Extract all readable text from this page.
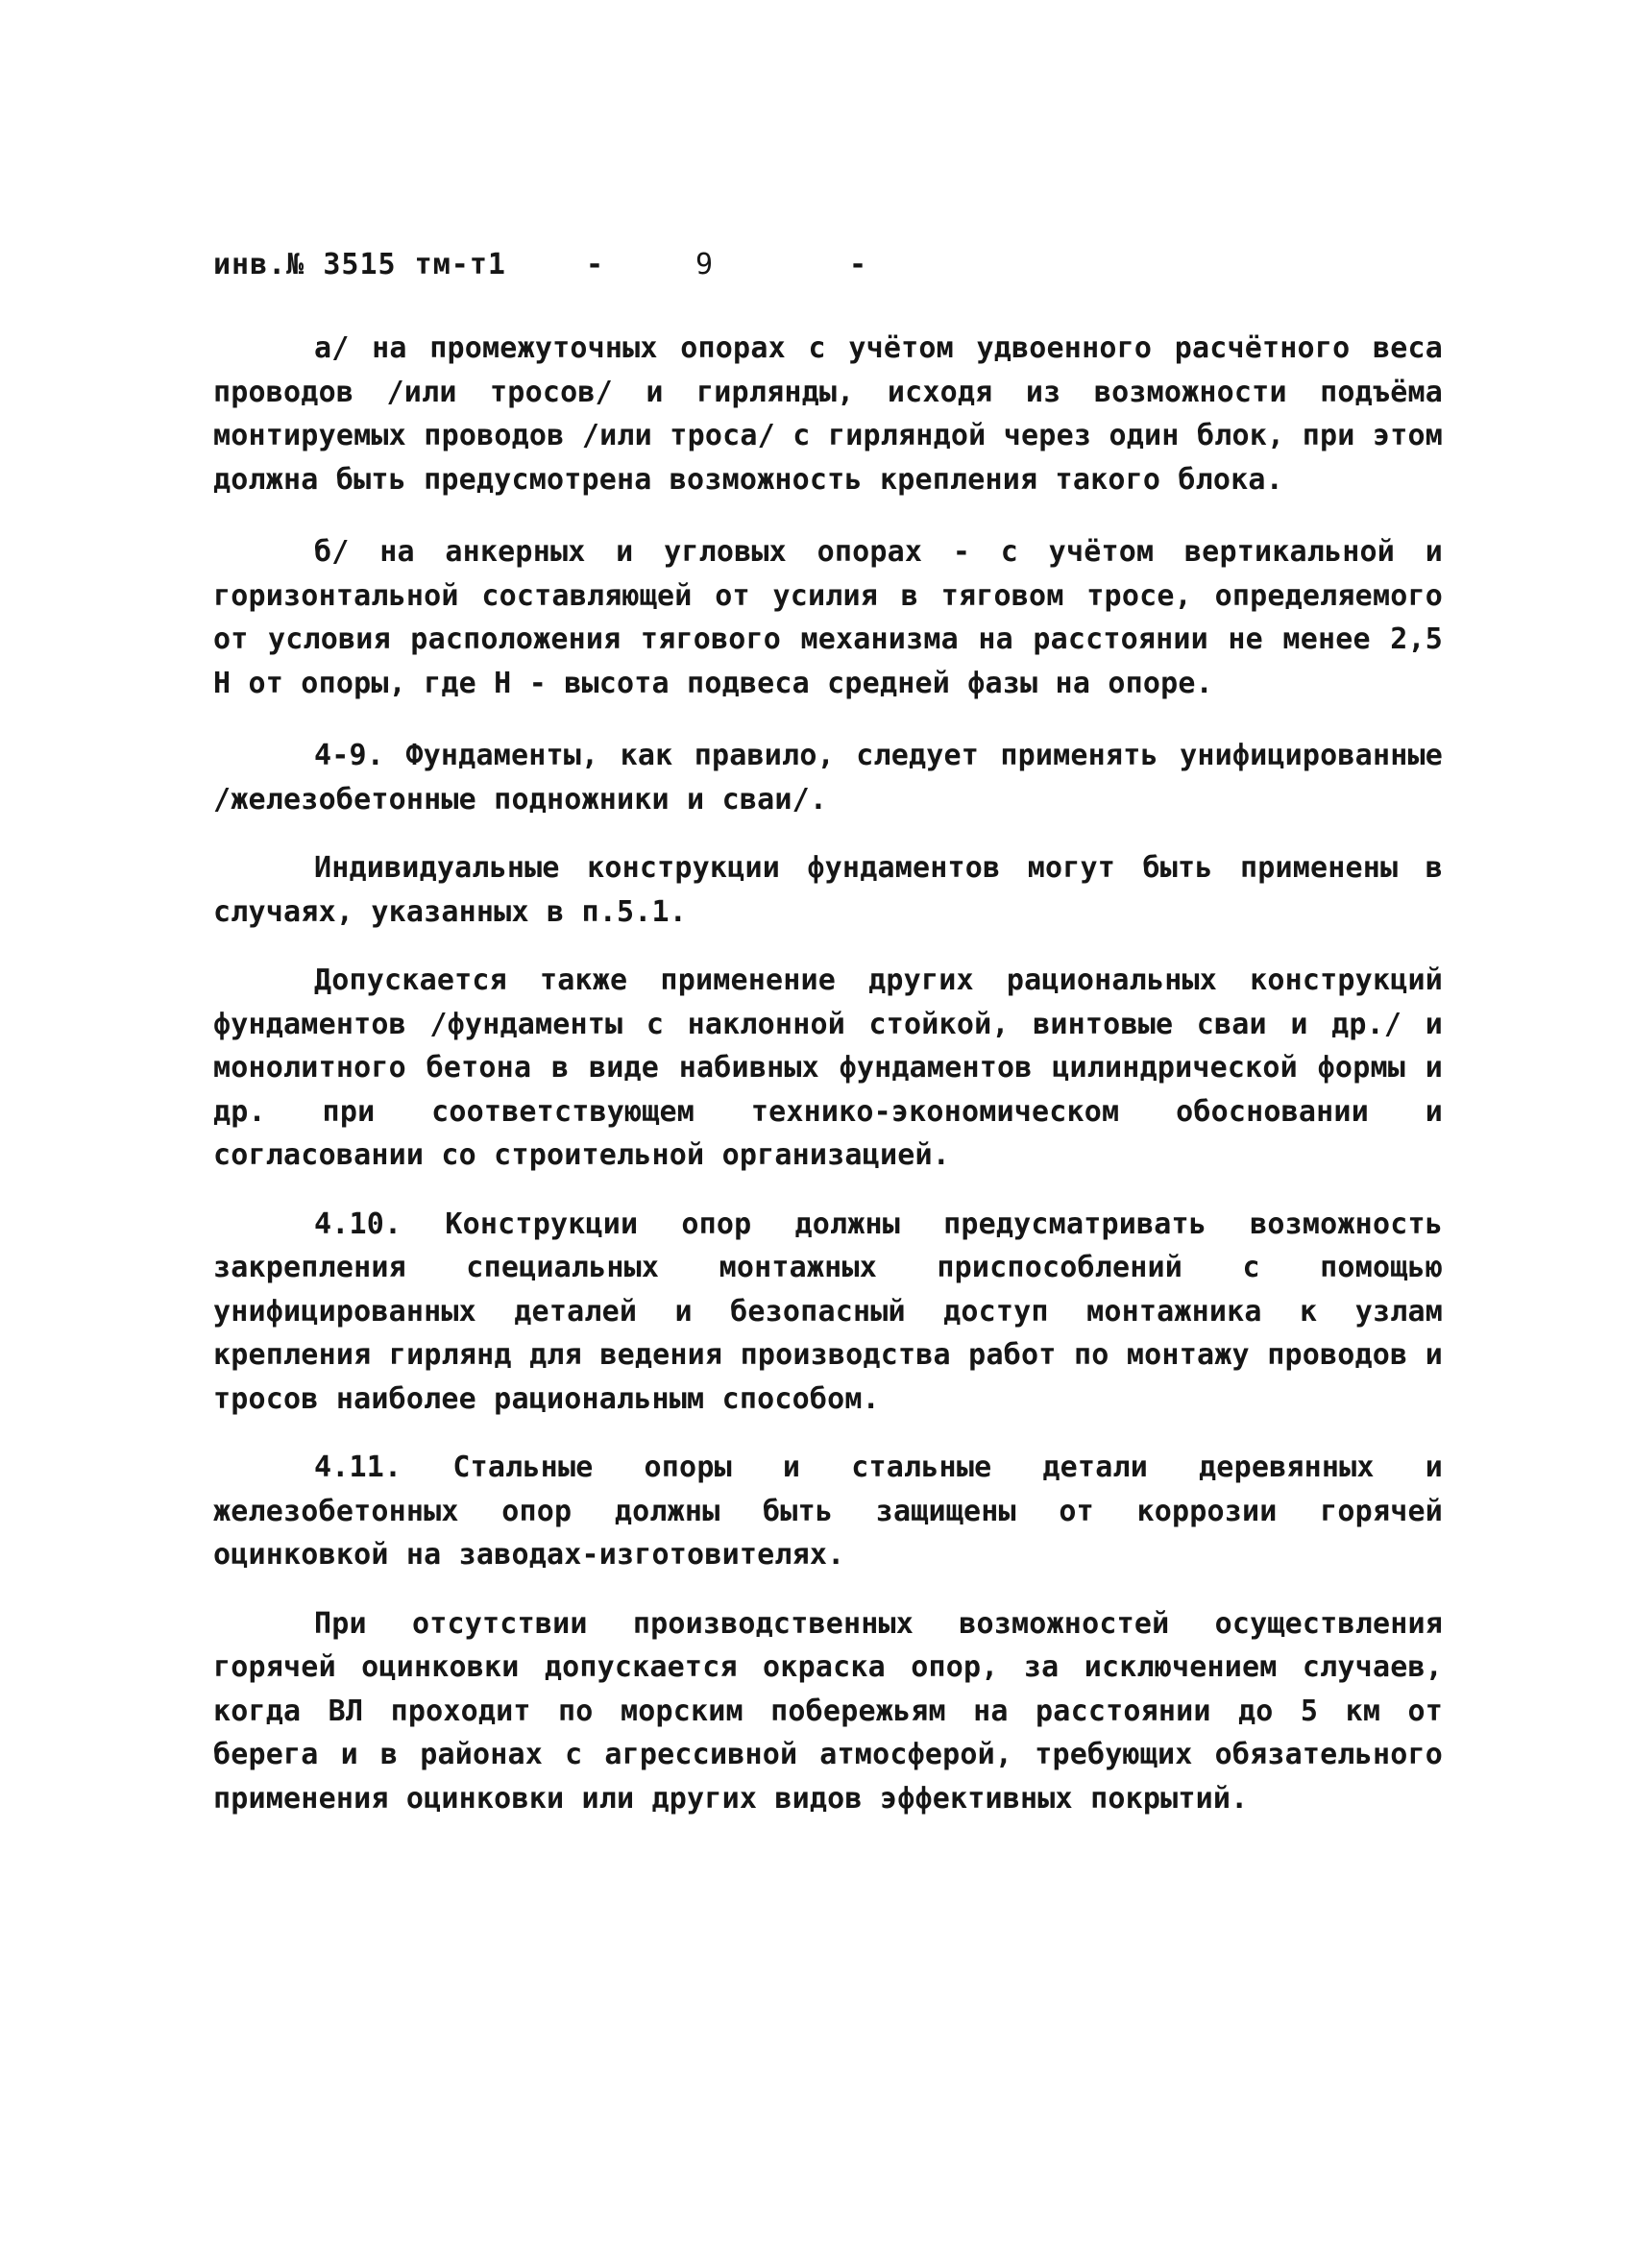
инв.№ 3515 тм-т1	-	9	-

а/ на промежуточных опорах с учётом удвоенного расчётного веса проводов /или тросов/ и гирлянды, исходя из возможности подъёма монтируемых проводов /или троса/ с гирляндой через один блок, при этом должна быть предусмотрена возможность крепления такого блока.

б/ на анкерных и угловых опорах - с учётом вертикальной и горизонтальной составляющей от усилия в тяговом тросе, определяемого от условия расположения тягового механизма на расстоянии не менее 2,5 Н от опоры, где Н - высота подвеса средней фазы на опоре.

4-9. Фундаменты, как правило, следует применять унифицированные /железобетонные подножники и сваи/.

Индивидуальные конструкции фундаментов могут быть применены в случаях, указанных в п.5.1.

Допускается также применение других рациональных конструкций фундаментов /фундаменты с наклонной стойкой, винтовые сваи и др./ и монолитного бетона в виде набивных фундаментов цилиндрической формы и др. при соответствующем технико-экономическом обосновании и согласовании со строительной организацией.

4.10. Конструкции опор должны предусматривать возможность закрепления специальных монтажных приспособлений с помощью унифицированных деталей и безопасный доступ монтажника к узлам крепления гирлянд для ведения производства работ по монтажу проводов и тросов наиболее рациональным способом.

4.11. Стальные опоры и стальные детали деревянных и железобетонных опор должны быть защищены от коррозии горячей оцинковкой на заводах-изготовителях.

При отсутствии производственных возможностей осуществления горячей оцинковки допускается окраска опор, за исключением случаев, когда ВЛ проходит по морским побережьям на расстоянии до 5 км от берега и в районах с агрессивной атмосферой, требующих обязательного применения оцинковки или других видов эффективных покрытий.
